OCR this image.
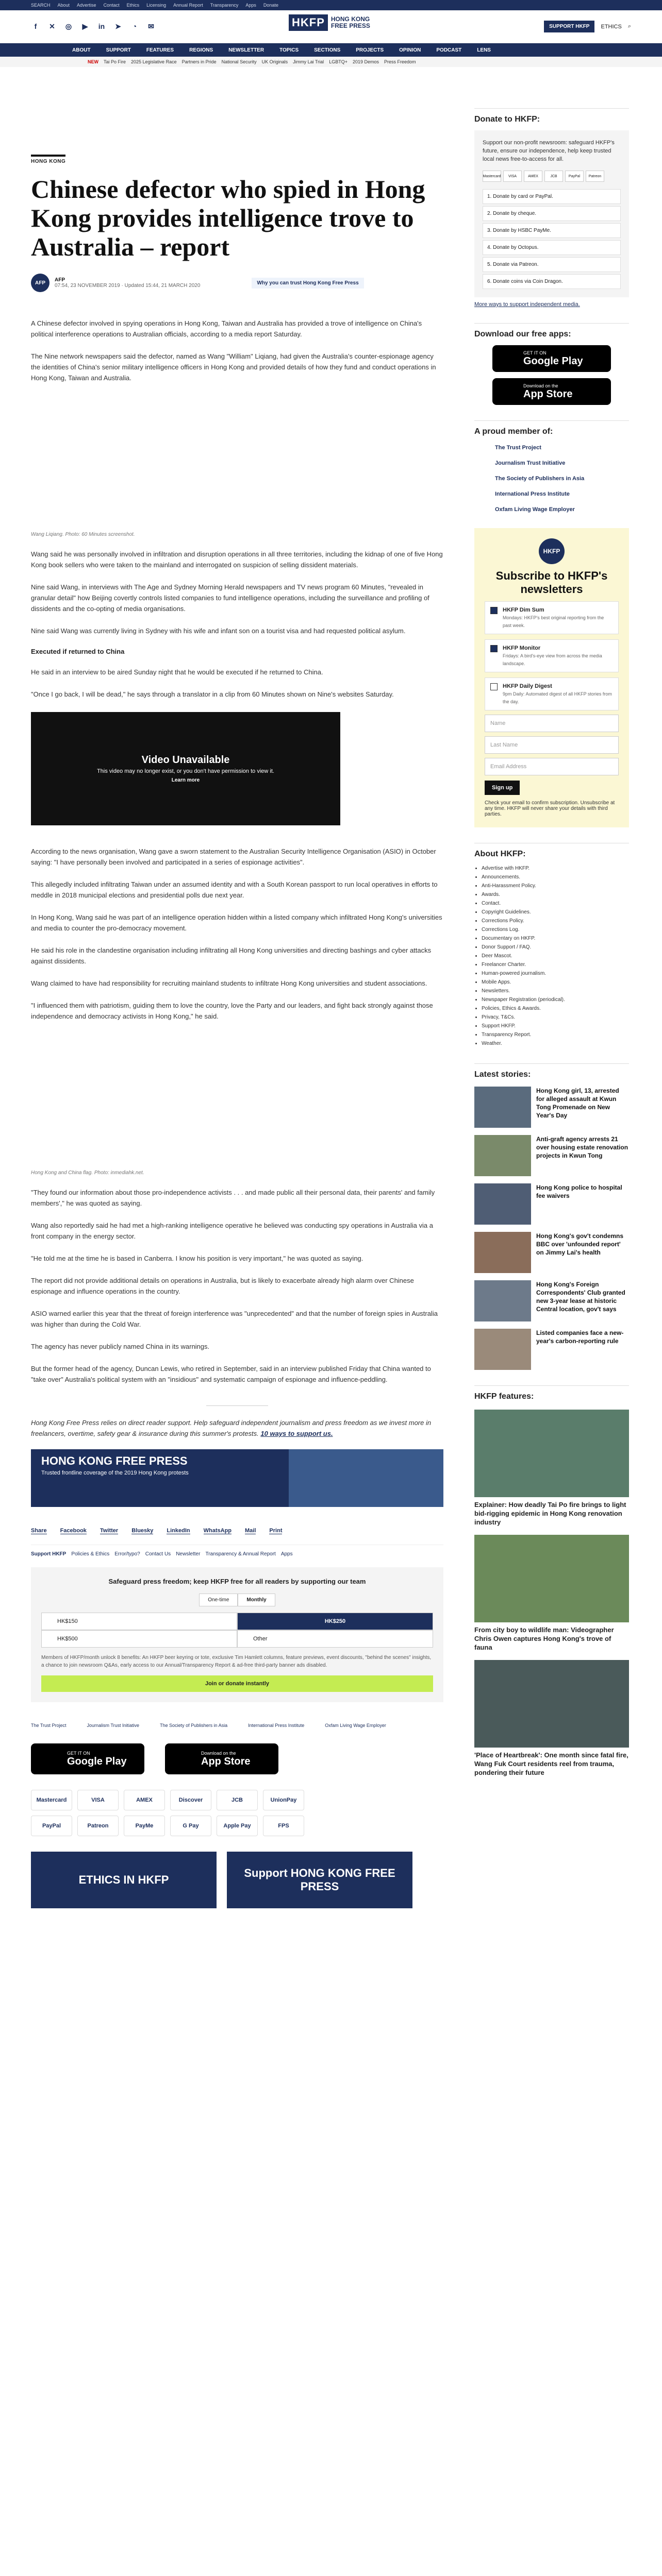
SEARCH About Advertise Contact Ethics Licensing Annual Report Transparency Apps Donate
f	✕ ◎ ▶ in ➤	◔	✉	SUPPORT HKFP	ETHICS ⌕
HKFP	HONG KONG
FREE PRESS
ABOUT	SUPPORT	FEATURES	REGIONS	NEWSLETTER	TOPICS	SECTIONS	PROJECTS	OPINION	PODCAST	LENS
NEW Tai Po Fire 2025 Legislative Race Partners in Pride National Security UK Originals Jimmy Lai Trial LGBTQ+ 2019 Demos Press Freedom
HONG KONG
Chinese defector who spied in Hong Kong provides intelligence trove to Australia – report
AFP	AFP
07:54, 23 NOVEMBER 2019 · Updated 15:44, 21 MARCH 2020	Why you can trust Hong Kong Free Press

A Chinese defector involved in spying operations in Hong Kong, Taiwan and Australia has provided a trove of intelligence on China's political interference operations to Australian officials, according to a media report Saturday.

The Nine network newspapers said the defector, named as Wang "William" Liqiang, had given the Australia's counter-espionage agency the identities of China's senior military intelligence officers in Hong Kong and provided details of how they fund and conduct operations in Hong Kong, Taiwan and Australia.

Wang Liqiang. Photo: 60 Minutes screenshot.

Wang said he was personally involved in infiltration and disruption operations in all three territories, including the kidnap of one of five Hong Kong book sellers who were taken to the mainland and interrogated on suspicion of selling dissident materials.

Nine said Wang, in interviews with The Age and Sydney Morning Herald newspapers and TV news program 60 Minutes, "revealed in granular detail" how Beijing covertly controls listed companies to fund intelligence operations, including the surveillance and profiling of dissidents and the co-opting of media organisations.

Nine said Wang was currently living in Sydney with his wife and infant son on a tourist visa and had requested political asylum.

Executed if returned to China

He said in an interview to be aired Sunday night that he would be executed if he returned to China.

"Once I go back, I will be dead," he says through a translator in a clip from 60 Minutes shown on Nine's websites Saturday.

Video Unavailable
This video may no longer exist, or you don't have permission to view it.
Learn more

According to the news organisation, Wang gave a sworn statement to the Australian Security Intelligence Organisation (ASIO) in October saying: "I have personally been involved and participated in a series of espionage activities".

This allegedly included infiltrating Taiwan under an assumed identity and with a South Korean passport to run local operatives in efforts to meddle in 2018 municipal elections and presidential polls due next year.

In Hong Kong, Wang said he was part of an intelligence operation hidden within a listed company which infiltrated Hong Kong's universities and media to counter the pro-democracy movement.

He said his role in the clandestine organisation including infiltrating all Hong Kong universities and directing bashings and cyber attacks against dissidents.

Wang claimed to have had responsibility for recruiting mainland students to infiltrate Hong Kong universities and student associations.

"I influenced them with patriotism, guiding them to love the country, love the Party and our leaders, and fight back strongly against those independence and democracy activists in Hong Kong," he said.

Hong Kong and China flag. Photo: inmediahk.net.

"They found our information about those pro-independence activists . . . and made public all their personal data, their parents' and family members'," he was quoted as saying.

Wang also reportedly said he had met a high-ranking intelligence operative he believed was conducting spy operations in Australia via a front company in the energy sector.

"He told me at the time he is based in Canberra. I know his position is very important," he was quoted as saying.

The report did not provide additional details on operations in Australia, but is likely to exacerbate already high alarm over Chinese espionage and influence operations in the country.

ASIO warned earlier this year that the threat of foreign interference was "unprecedented" and that the number of foreign spies in Australia was higher than during the Cold War.

The agency has never publicly named China in its warnings.

But the former head of the agency, Duncan Lewis, who retired in September, said in an interview published Friday that China wanted to "take over" Australia's political system with an "insidious" and systematic campaign of espionage and influence-peddling.

Hong Kong Free Press relies on direct reader support. Help safeguard independent journalism and press freedom as we invest more in freelancers, overtime, safety gear & insurance during this summer's protests. 10 ways to support us.

HONG KONG FREE PRESS
Trusted frontline coverage of the 2019 Hong Kong protests
Share Facebook Twitter Bluesky LinkedIn WhatsApp Mail Print
Support HKFP Policies & Ethics Error/typo? Contact Us Newsletter Transparency & Annual Report Apps
Safeguard press freedom; keep HKFP free for all readers by supporting our team
One-time	Monthly
HK$150	HK$250
HK$500	Other
Members of HKFP/month unlock 8 benefits: An HKFP beer keyring or tote, exclusive Tim Hamlett columns, feature previews, event discounts, "behind the scenes" insights, a chance to join newsroom Q&As, early access to our Annual/Transparency Report & ad-free third-party banner ads disabled.
Join or donate instantly
The Trust Project	Journalism Trust Initiative	The Society of Publishers in Asia	International Press Institute	Oxfam Living Wage Employer
GET IT ON
Google Play
Download on the
App Store
Mastercard	VISA	AMEX	Discover	JCB	UnionPay
PayPal	Patreon	PayMe	G Pay	Apple Pay	FPS
ETHICS IN HKFP
Support HONG KONG FREE PRESS
Donate to HKFP:

Support our non-profit newsroom: safeguard HKFP's future, ensure our independence, help keep trusted local news free-to-access for all.

Mastercard	VISA	AMEX	JCB	PayPal	Patreon
1. Donate by card or PayPal.
2. Donate by cheque.
3. Donate by HSBC PayMe.
4. Donate by Octopus.
5. Donate via Patreon.
6. Donate coins via Coin Dragon.

More ways to support independent media.

Download our free apps:
GET IT ON
Google Play
Download on the
App Store
A proud member of:
The Trust Project
Journalism Trust Initiative
The Society of Publishers in Asia
International Press Institute
Oxfam Living Wage Employer
HKFP
Subscribe to HKFP's newsletters
HKFP Dim Sum
Mondays: HKFP's best original reporting from the past week.
HKFP Monitor
Fridays: A bird's-eye view from across the media landscape.
HKFP Daily Digest
9pm Daily: Automated digest of all HKFP stories from the day.
Name
Last Name
Email Address
Sign up

Check your email to confirm subscription. Unsubscribe at any time. HKFP will never share your details with third parties.

About HKFP:
• Advertise with HKFP.
• Announcements.
• Anti-Harassment Policy.
• Awards.
• Contact.
• Copyright Guidelines.
• Corrections Policy.
• Corrections Log.
• Documentary on HKFP.
• Donor Support / FAQ.
• Deer Mascot.
• Freelancer Charter.
• Human-powered journalism.
• Mobile Apps.
• Newsletters.
• Newspaper Registration (periodical).
• Policies, Ethics & Awards.
• Privacy, T&Cs.
• Support HKFP.
• Transparency Report.
• Weather.
Latest stories:
Hong Kong girl, 13, arrested for alleged assault at Kwun Tong Promenade on New Year's Day
Anti-graft agency arrests 21 over housing estate renovation projects in Kwun Tong
Hong Kong police to hospital fee waivers
Hong Kong's gov't condemns BBC over 'unfounded report' on Jimmy Lai's health
Hong Kong's Foreign Correspondents' Club granted new 3-year lease at historic Central location, gov't says
Listed companies face a new-year's carbon-reporting rule
HKFP features:
Explainer: How deadly Tai Po fire brings to light bid-rigging epidemic in Hong Kong renovation industry
From city boy to wildlife man: Videographer Chris Owen captures Hong Kong's trove of fauna
'Place of Heartbreak': One month since fatal fire, Wang Fuk Court residents reel from trauma, pondering their future
